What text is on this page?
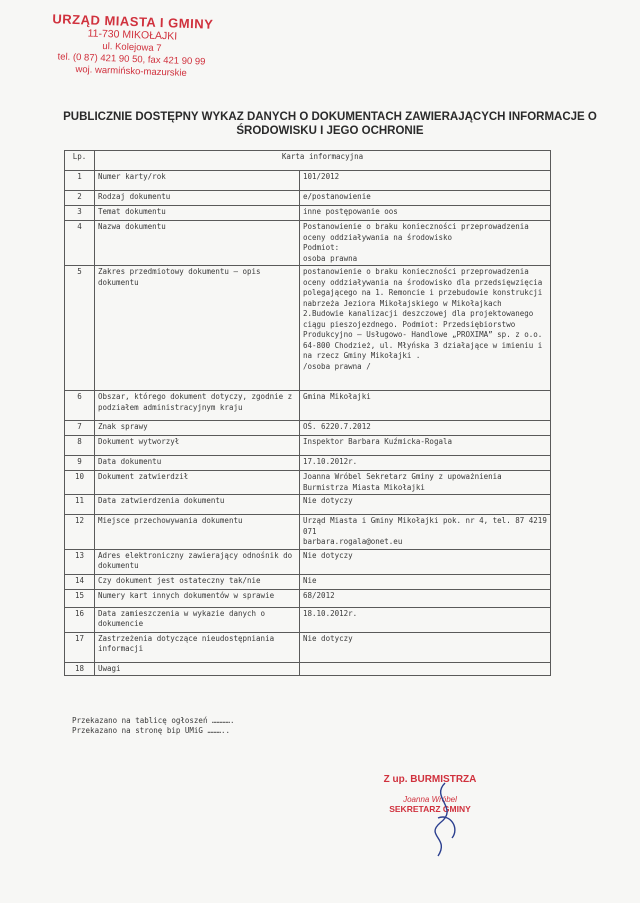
URZĄD MIASTA I GMINY
11-730 MIKOŁAJKI
ul. Kolejowa 7
tel. (0 87) 421 90 50, fax 421 90 99
woj. warmińsko-mazurskie
PUBLICZNIE DOSTĘPNY WYKAZ DANYCH O DOKUMENTACH ZAWIERAJĄCYCH INFORMACJE O ŚRODOWISKU I JEGO OCHRONIE
Lp.	Karta informacyjna	
1	Numer karty/rok	101/2012
2	Rodzaj dokumentu	e/postanowienie
3	Temat dokumentu	inne postępowanie oos
4	Nazwa dokumentu	Postanowienie o braku konieczności przeprowadzenia oceny oddziaływania na środowisko
Podmiot:
osoba prawna
5	Zakres przedmiotowy dokumentu – opis dokumentu	postanowienie o braku konieczności przeprowadzenia oceny oddziaływania na środowisko dla przedsięwzięcia polegającego na 1. Remoncie i przebudowie konstrukcji nabrzeża Jeziora Mikołajskiego w Mikołajkach
2.Budowie kanalizacji deszczowej dla projektowanego ciągu pieszojezdnego. Podmiot: Przedsiębiorstwo Produkcyjno – Usługowo- Handlowe „PROXIMA” sp. z o.o. 64-800 Chodzież, ul. Młyńska 3 działające w imieniu i na rzecz Gminy Mikołajki .
/osoba prawna /
6	Obszar, którego dokument dotyczy, zgodnie z podziałem administracyjnym kraju	Gmina Mikołajki
7	Znak sprawy	OŚ. 6220.7.2012
8	Dokument wytworzył	Inspektor Barbara Kuźmicka-Rogala
9	Data dokumentu	17.10.2012r.
10	Dokument zatwierdził	Joanna Wróbel Sekretarz Gminy z upoważnienia Burmistrza Miasta Mikołajki
11	Data zatwierdzenia dokumentu	Nie dotyczy
12	Miejsce przechowywania dokumentu	Urząd Miasta i Gminy Mikołajki pok. nr 4, tel. 87 4219 071
barbara.rogala@onet.eu
13	Adres elektroniczny zawierający odnośnik do dokumentu	Nie dotyczy
14	Czy dokument jest ostateczny tak/nie	Nie
15	Numery kart innych dokumentów w sprawie	68/2012
16	Data zamieszczenia w wykazie danych o dokumencie	18.10.2012r.
17	Zastrzeżenia dotyczące nieudostępniania informacji	Nie dotyczy
18	Uwagi	
Przekazano na tablicę ogłoszeń ………….
Przekazano na stronę bip UMiG ………..
Z up. BURMISTRZA
Joanna Wróbel
SEKRETARZ GMINY
